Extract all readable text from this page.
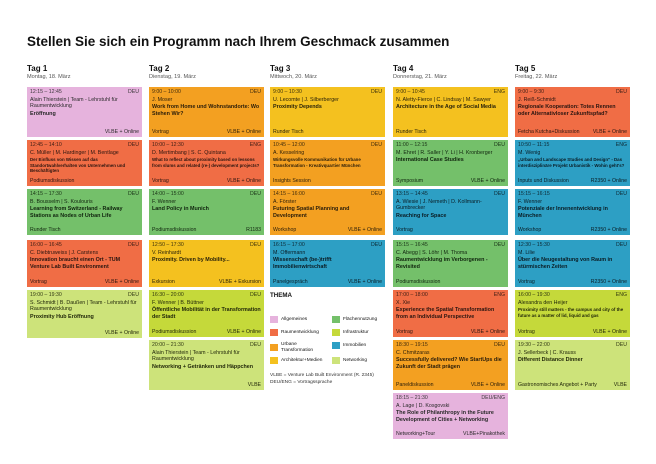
Stellen Sie sich ein Programm nach Ihrem Geschmack zusammen
Tag 1
Montag, 18. März
Tag 2
Dienstag, 19. März
Tag 3
Mittwoch, 20. März
Tag 4
Donnerstag, 21. März
Tag 5
Freitag, 22. März
12:15 – 12:45	DEU
Alain Thierstein | Team - Lehrstuhl für Raumentwicklung
Eröffnung
VLBE + Online
12:45 – 14:10	DEU
C. Müller | M. Hardinger | M. Bentlage
Der Einfluss von Wissen auf das Standortwahlverhalten von Unternehmen und Beschäftigten
Podiumsdiskussion
14:15 – 17:30	DEU
B. Bousselm | S. Koulouris
Learning from Switzerland - Railway Stations as Nodes of Urban Life
Runder Tisch
16:00 – 16:45	DEU
C. Diebtruweiss | J. Carstens
Innovation braucht einen Ort - TUM Venture Lab Built Environment
Vortrag	VLBE + Online
19:00 – 19:30	DEU
S. Schmidt | B. Daußen | Team - Lehrstuhl für Raumentwicklung
Proximity Hub Eröffnung
VLBE + Online
9:00 – 10:00	DEU
J. Moser
Work from Home und Wohnstandorte: Wo Stehen Wir?
Vortrag	VLBE + Online
10:00 – 12:30	ENG
D. Mertimbang | S. C. Quintana
What to reflect about proximity based on lessons from slums and related (re-) development projects?
Vortrag	VLBE + Online
14:00 – 15:00	DEU
F. Wenner
Land Policy in Munich
Podiumsdiskussion	R1183
12:50 – 17:30	DEU
V. Reinhardt
Proximity. Driven by Mobility...
Exkursion	VLBE + Exkursion
16:30 – 20:00	DEU
F. Wenner | B. Büttner
Öffentliche Mobilität in der Transformation der Stadt
Podiumsdiskussion	VLBE + Online
20:00 – 21:30	DEU
Alain Thierstein | Team - Lehrstuhl für Raumentwicklung
Networking + Getränken und Häppchen
VLBE
9:00 – 10:30	DEU
U. Lecomte | J. Silberberger
Proximity Depends
Runder Tisch
10:45 – 12:00	DEU
A. Kesselring
Wirkungsvolle Kommunikation für Urbane Transformation - Kreativquartier München
Insights Session
14:15 – 16:00	DEU
A. Förster
Futuring Spatial Planning and Development
Workshop	VLBE + Online
16:15 – 17:00	DEU
M. Offermann
Wissenschaft (be-)trifft Immobilienwirtschaft
Panelgespräch	VLBE + Online
THEMA
Allgemeines	Flächennutzung
Raumentwicklung	Infrastruktur
Urbane Transformation
Immobilien
Architektur+Medien	Networking
VLBE = Venture Lab Built Environment (R. 2345)
DEU/ENG = Vortragssprache
9:00 – 10:45	ENG
N. Aletty-Fierce | C. Lindsay | M. Sawyer
Architecture in the Age of Social Media
Runder Tisch
11:00 – 12:15	DEU
M. Ehret | R. Saller | Y. Li | H. Kronberger
International Case Studies
Symposium	VLBE + Online
13:15 – 14:45	DEU
A. Wiesie | J. Nemeth | D. Kollmann-Gumbrecker
Reaching for Space
Vortrag
15:15 – 16:45	DEU
C. Abegg | S. Löhr | M. Thoma
Raumentwicklung im Verborgenen - Revisited
Podiumsdiskussion
17:00 – 18:00	ENG
X. Xie
Experience the Spatial Transformation from an Individual Perspective
Vortrag	VLBE + Online
18:30 – 19:15	DEU
C. Chmitzaras
Successfully delivered? Wie StartUps die Zukunft der Stadt prägen
Paneldiskussion	VLBE + Online
18:15 – 21:30	DEU/ENG
A. Lage | D. Kosgovski
The Role of Philanthropy in the Future Development of Cities + Networking
Networking+Tour	VLBE+Pinakothek
9:00 – 9:30	DEU
J. Reiß-Schmidt
Regionale Kooperation: Totes Rennen oder Alternativloser Zukunftspfad?
Fetcha Kutcha+Diskussion	VLBE + Online
10:50 – 11:15	ENG
M. Wenig
„Urban and Landscape Studies and Design" - Das interdisziplinäre Projekt Urbanistik - Wohin geht's?
Inputs und Diskussion	R2350 + Online
15:15 – 16:15	DEU
F. Wenner
Potenziale der Innenentwicklung in München
Workshop	R2350 + Online
12:30 – 15:30	DEU
M. Lilie
Über die Neugestaltung von Raum in stürmischen Zeiten
Vortrag	R2350 + Online
16:00 – 19:30	ENG
Alexandra den Heijer
Proximity still matters - the campus and city of the future as a matter of lid, liquid and gas
Vortrag	VLBE + Online
19:30 – 22:00	DEU
J. Sellerbeck | C. Krauss
Different Distance Dinner
Gastronomisches Angebot + Party	VLBE
